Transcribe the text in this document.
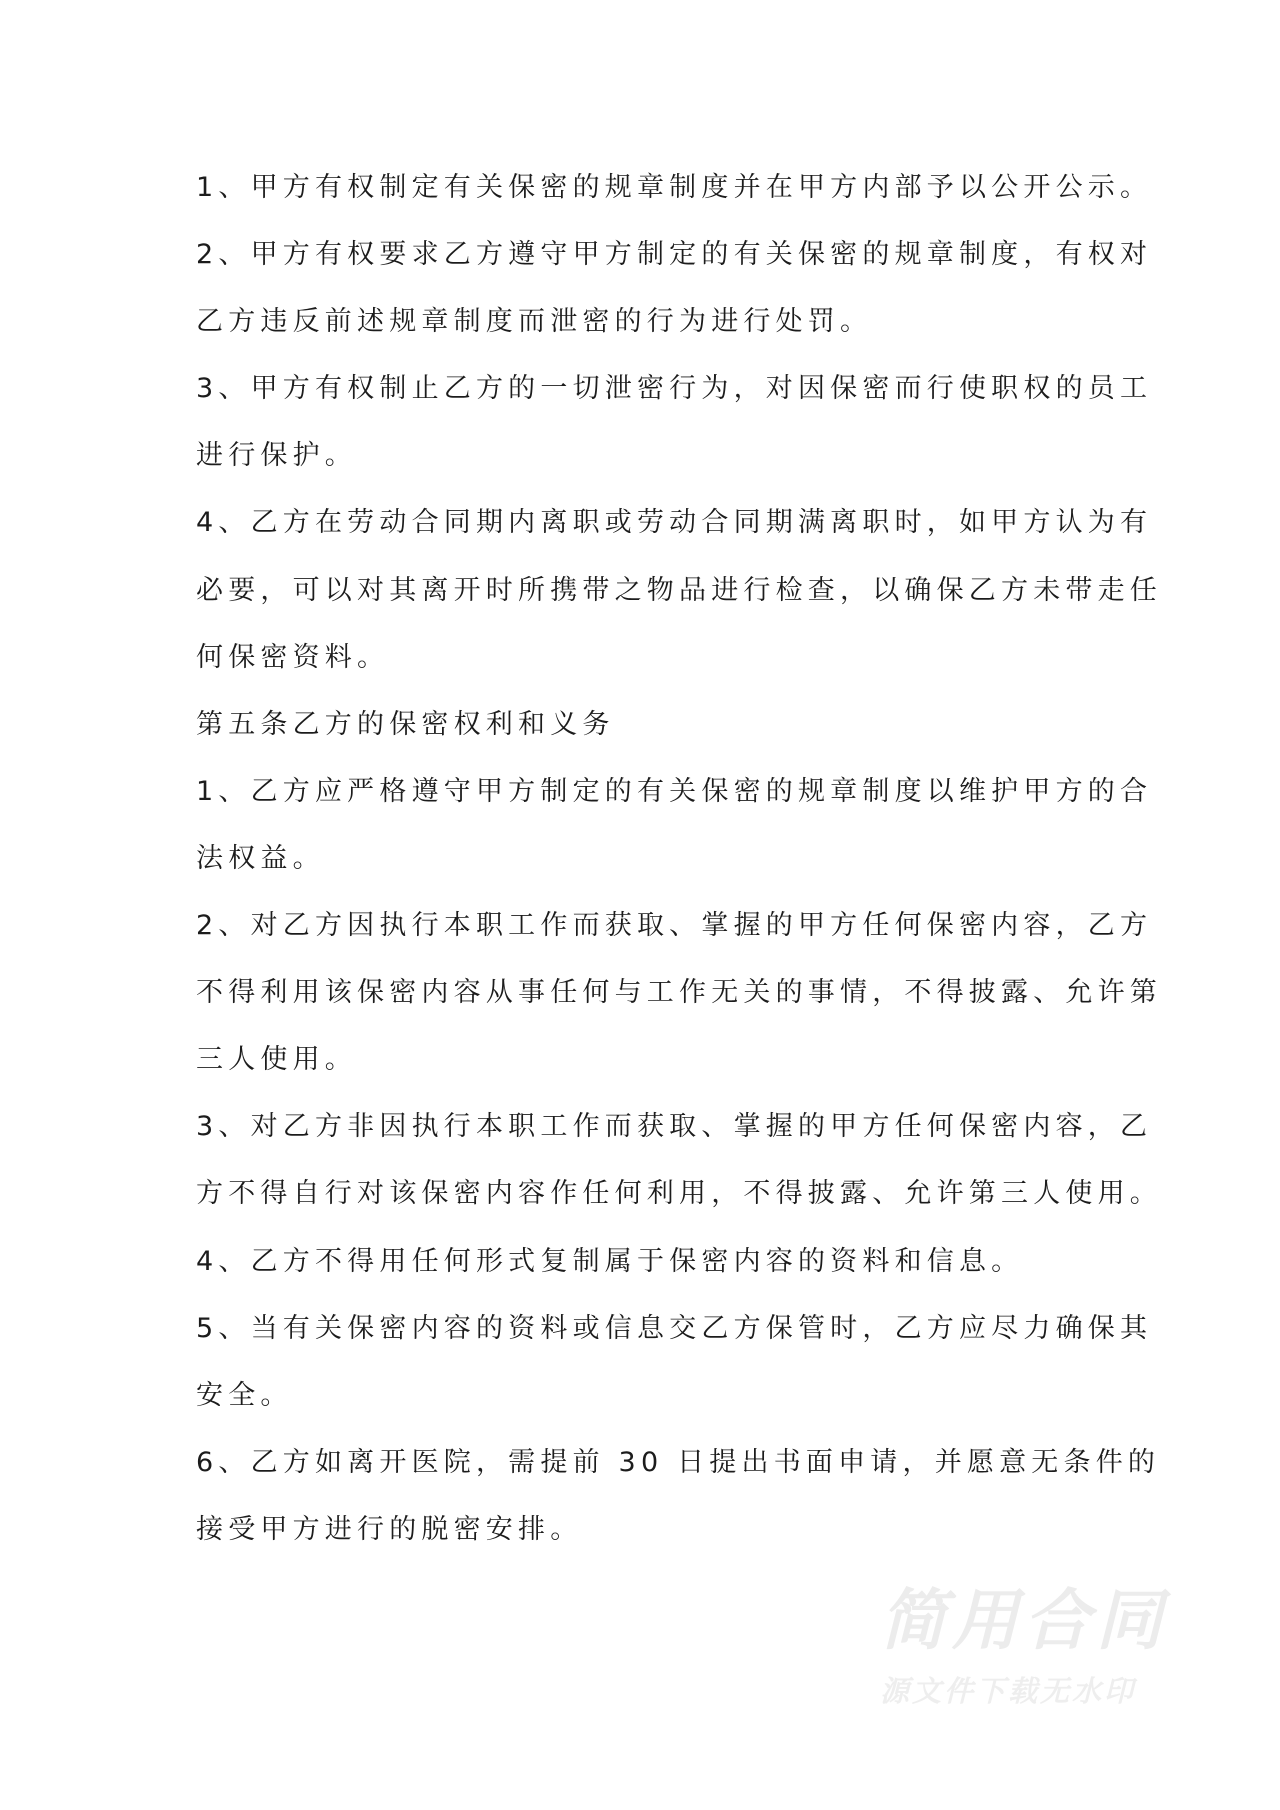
1、甲方有权制定有关保密的规章制度并在甲方内部予以公开公示。
2、甲方有权要求乙方遵守甲方制定的有关保密的规章制度，有权对
乙方违反前述规章制度而泄密的行为进行处罚。
3、甲方有权制止乙方的一切泄密行为，对因保密而行使职权的员工
进行保护。
4、乙方在劳动合同期内离职或劳动合同期满离职时，如甲方认为有
必要，可以对其离开时所携带之物品进行检查，以确保乙方未带走任
何保密资料。
第五条乙方的保密权利和义务
1、乙方应严格遵守甲方制定的有关保密的规章制度以维护甲方的合
法权益。
2、对乙方因执行本职工作而获取、掌握的甲方任何保密内容，乙方
不得利用该保密内容从事任何与工作无关的事情，不得披露、允许第
三人使用。
3、对乙方非因执行本职工作而获取、掌握的甲方任何保密内容，乙
方不得自行对该保密内容作任何利用，不得披露、允许第三人使用。
4、乙方不得用任何形式复制属于保密内容的资料和信息。
5、当有关保密内容的资料或信息交乙方保管时，乙方应尽力确保其
安全。
6、乙方如离开医院，需提前 30 日提出书面申请，并愿意无条件的
接受甲方进行的脱密安排。
简用合同
源文件下载无水印
